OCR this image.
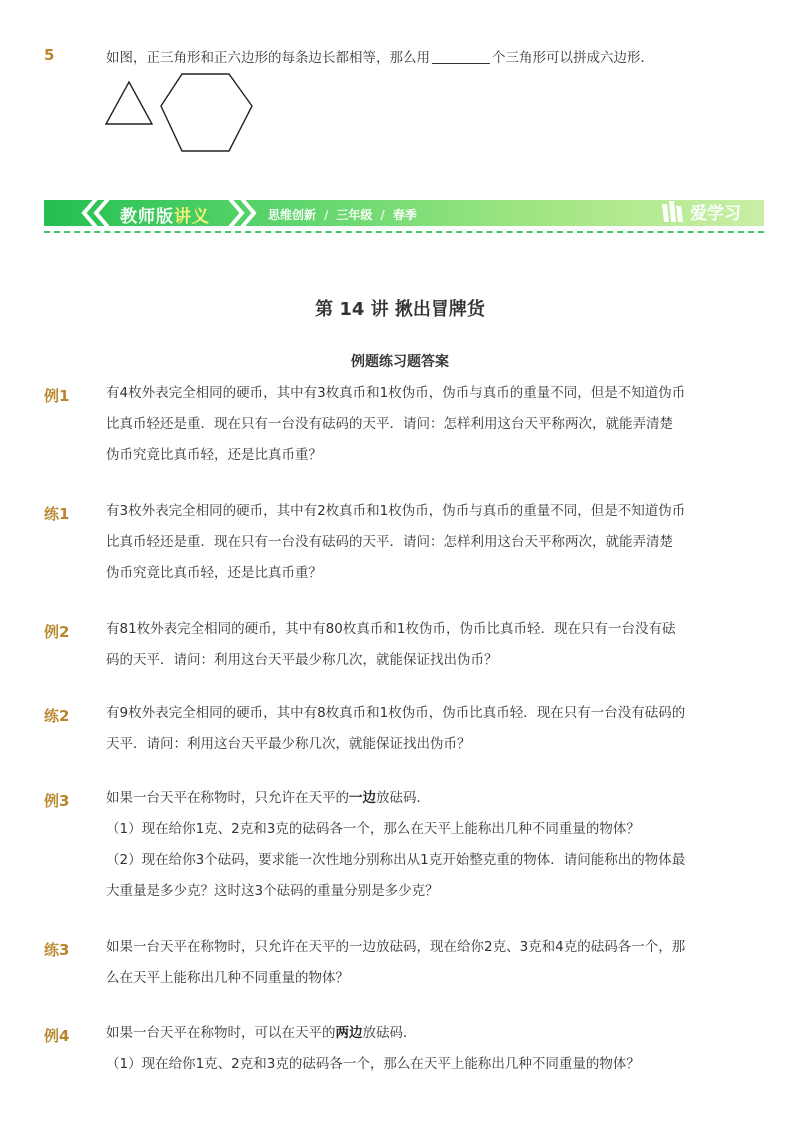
5	如图，正三角形和正六边形的每条边长都相等，那么用	个三角形可以拼成六边形．
教师版讲义	思维创新 / 三年级 / 春季	爱学习
第 14 讲 揪出冒牌货
例题练习题答案
例1	有4枚外表完全相同的硬币，其中有3枚真币和1枚伪币，伪币与真币的重量不同，但是不知道伪币
比真币轻还是重．现在只有一台没有砝码的天平．请问：怎样利用这台天平称两次，就能弄清楚
伪币究竟比真币轻，还是比真币重？
练1	有3枚外表完全相同的硬币，其中有2枚真币和1枚伪币，伪币与真币的重量不同，但是不知道伪币
比真币轻还是重．现在只有一台没有砝码的天平．请问：怎样利用这台天平称两次，就能弄清楚
伪币究竟比真币轻，还是比真币重？
例2	有81枚外表完全相同的硬币，其中有80枚真币和1枚伪币，伪币比真币轻．现在只有一台没有砝
码的天平．请问：利用这台天平最少称几次，就能保证找出伪币？
练2	有9枚外表完全相同的硬币，其中有8枚真币和1枚伪币，伪币比真币轻．现在只有一台没有砝码的
天平．请问：利用这台天平最少称几次，就能保证找出伪币？
例3	如果一台天平在称物时，只允许在天平的一边放砝码．
（1）现在给你1克、2克和3克的砝码各一个，那么在天平上能称出几种不同重量的物体？
（2）现在给你3个砝码，要求能一次性地分别称出从1克开始整克重的物体．请问能称出的物体最
大重量是多少克？这时这3个砝码的重量分别是多少克？
练3	如果一台天平在称物时，只允许在天平的一边放砝码，现在给你2克、3克和4克的砝码各一个，那
么在天平上能称出几种不同重量的物体？
例4	如果一台天平在称物时，可以在天平的两边放砝码．
（1）现在给你1克、2克和3克的砝码各一个，那么在天平上能称出几种不同重量的物体？
